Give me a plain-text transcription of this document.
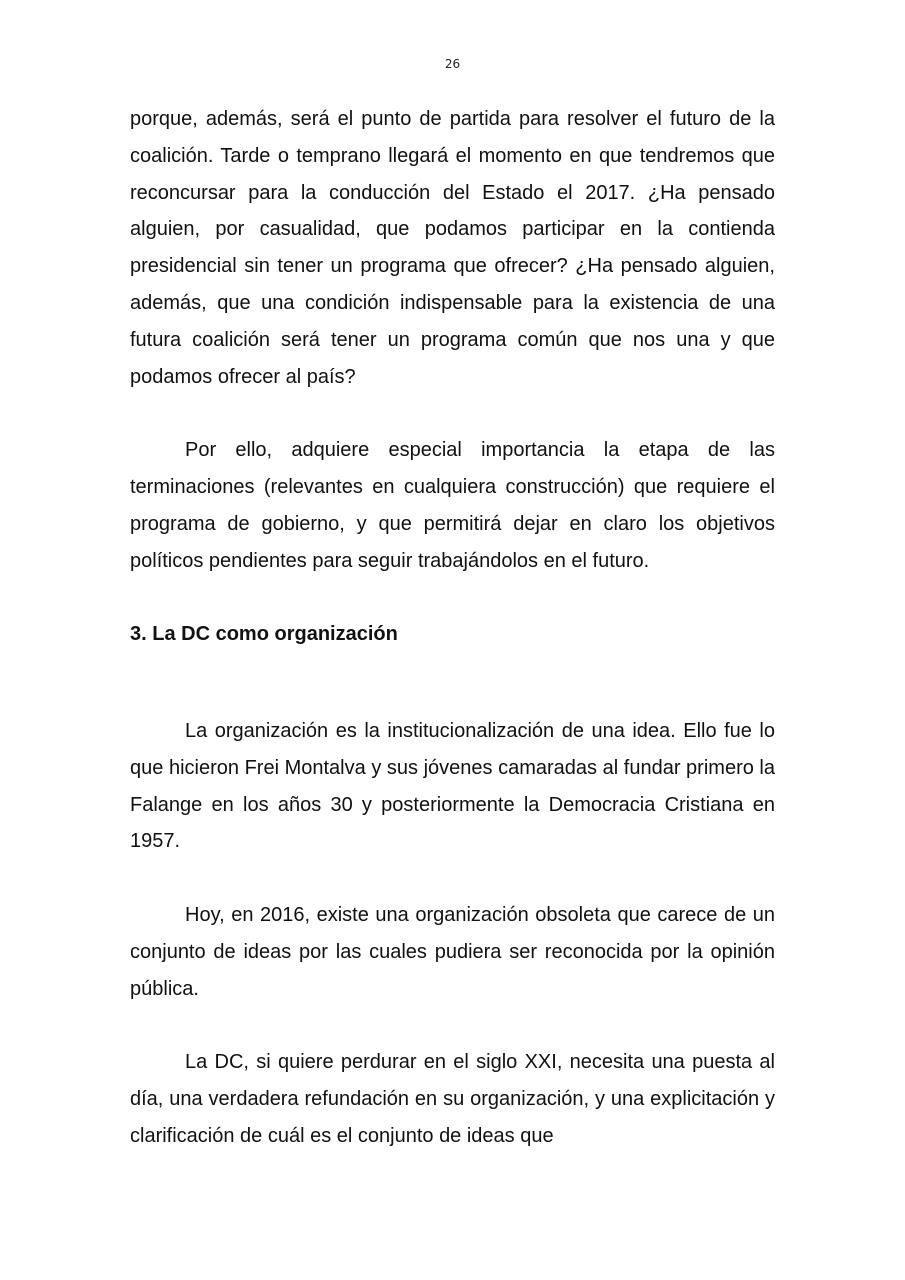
26

porque, además, será el punto de partida para resolver el futuro de la coalición. Tarde o temprano llegará el momento en que tendremos que reconcursar para la conducción del Estado el 2017. ¿Ha pensado alguien, por casualidad, que podamos participar en la contienda presidencial sin tener un programa que ofrecer? ¿Ha pensado alguien, además, que una condición indispensable para la existencia de una futura coalición será tener un programa común que nos una y que podamos ofrecer al país?

Por ello, adquiere especial importancia la etapa de las terminaciones (relevantes en cualquiera construcción) que requiere el programa de gobierno, y que permitirá dejar en claro los objetivos políticos pendientes para seguir trabajándolos en el futuro.

3. La DC como organización

La organización es la institucionalización de una idea. Ello fue lo que hicieron Frei Montalva y sus jóvenes camaradas al fundar primero la Falange en los años 30 y posteriormente la Democracia Cristiana en 1957.

Hoy, en 2016, existe una organización obsoleta que carece de un conjunto de ideas por las cuales pudiera ser reconocida por la opinión pública.

La DC, si quiere perdurar en el siglo XXI, necesita una puesta al día, una verdadera refundación en su organización, y una explicitación y clarificación de cuál es el conjunto de ideas que
